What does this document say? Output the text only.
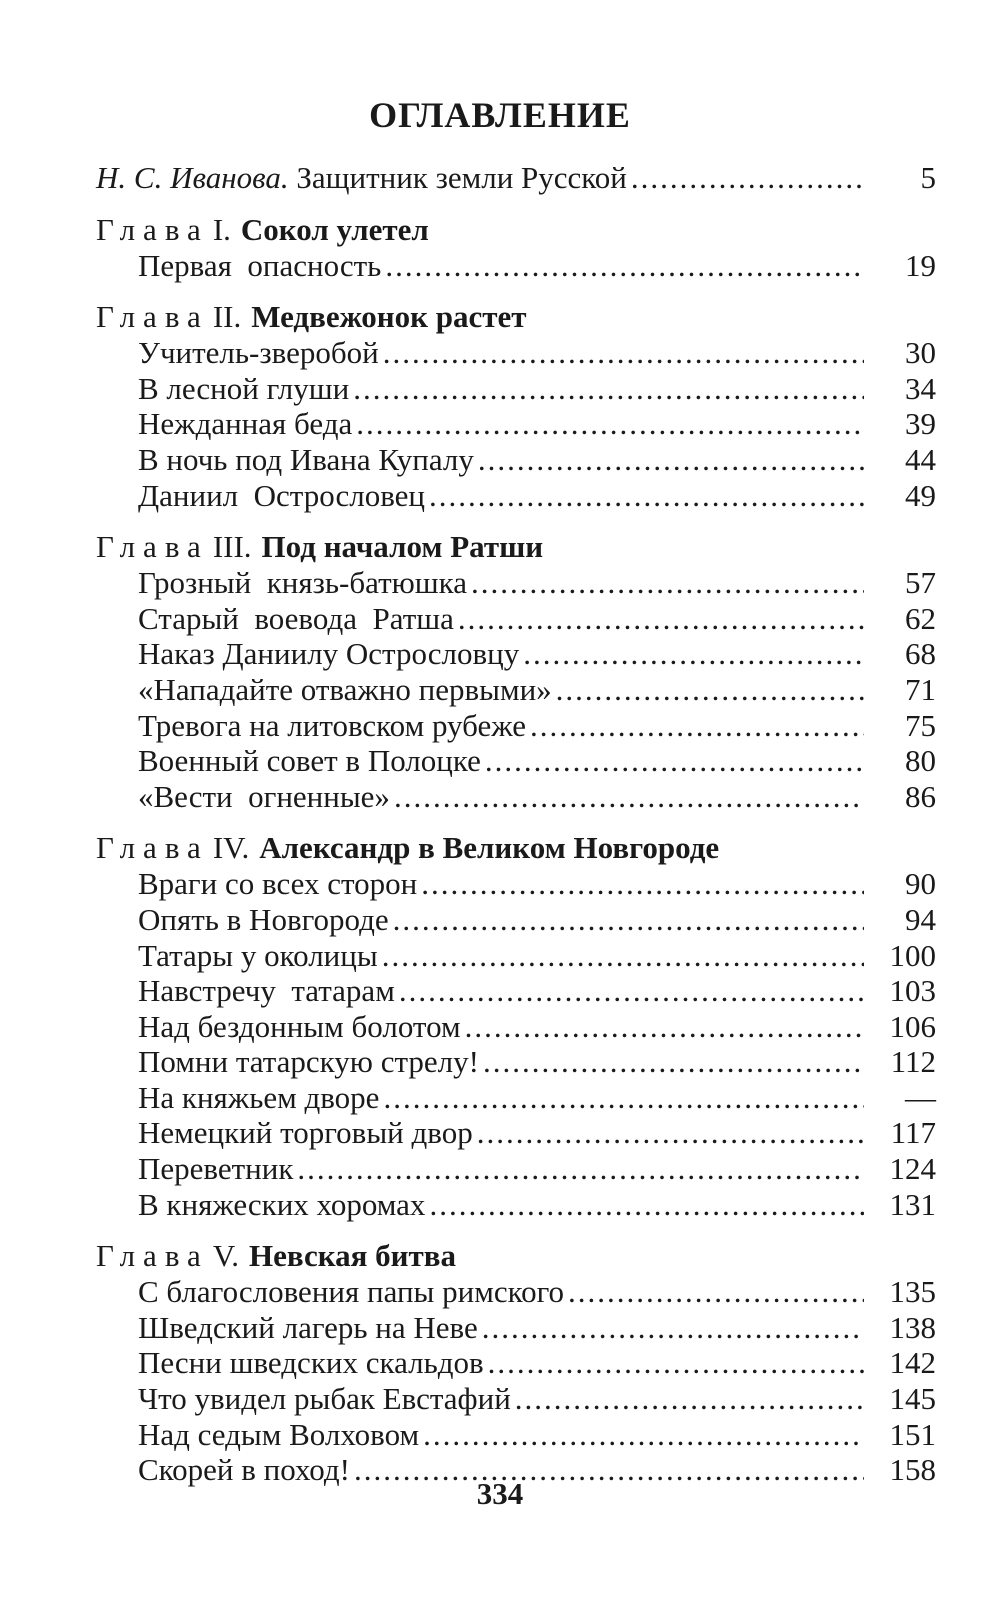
ОГЛАВЛЕНИЕ
Н. С. Иванова. Защитник земли Русской .....	5
Глава I. Сокол улетел
Первая  опасность .....	19
Глава II. Медвежонок растет
Учитель-зверобой .....	30
В лесной глуши .....	34
Нежданная беда .....	39
В ночь под Ивана Купалу .....	44
Даниил  Острословец .....	49
Глава III. Под началом Ратши
Грозный  князь-батюшка .....	57
Старый  воевода  Ратша .....	62
Наказ Даниилу Острословцу .....	68
«Нападайте отважно первыми» .....	71
Тревога на литовском рубеже .....	75
Военный совет в Полоцке .....	80
«Вести  огненные» .....	86
Глава IV. Александр в Великом Новгороде
Враги со всех сторон .....	90
Опять в Новгороде .....	94
Татары у околицы .....	100
Навстречу  татарам .....	103
Над бездонным болотом .....	106
Помни татарскую стрелу! .....	112
На княжьем дворе .....	—
Немецкий торговый двор .....	117
Переветник .....	124
В княжеских хоромах .....	131
Глава V. Невская битва
С благословения папы римского .....	135
Шведский лагерь на Неве .....	138
Песни шведских скальдов .....	142
Что увидел рыбак Евстафий .....	145
Над седым Волховом .....	151
Скорей в поход! .....	158
334
